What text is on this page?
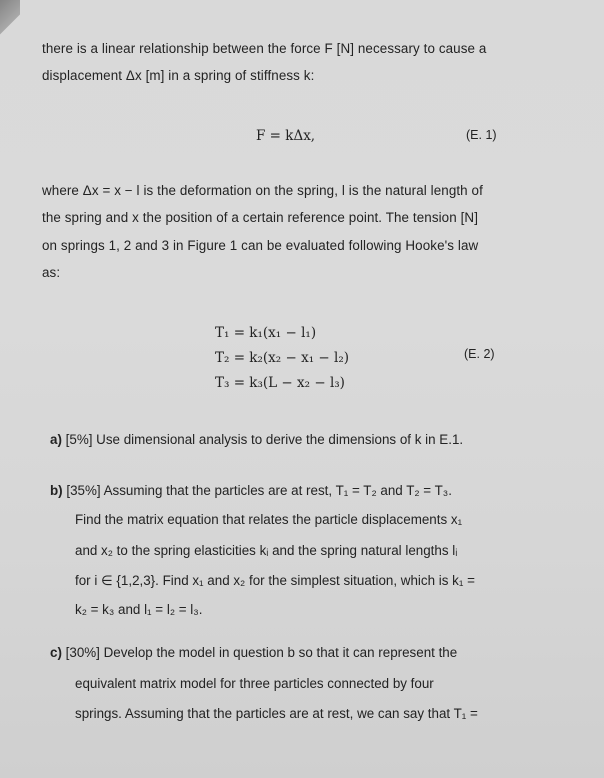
there is a linear relationship between the force F [N] necessary to cause a
displacement Δx [m] in a spring of stiffness k:
F = kΔx,	(E. 1)
where Δx = x − l is the deformation on the spring, l is the natural length of
the spring and x the position of a certain reference point. The tension [N]
on springs 1, 2 and 3 in Figure 1 can be evaluated following Hooke's law
as:
T₁ = k₁(x₁ − l₁)
T₂ = k₂(x₂ − x₁ − l₂)
T₃ = k₃(L − x₂ − l₃)
(E. 2)
a) [5%] Use dimensional analysis to derive the dimensions of k in E.1.
b) [35%] Assuming that the particles are at rest, T₁ = T₂ and T₂ = T₃.
Find the matrix equation that relates the particle displacements x₁
and x₂ to the spring elasticities kᵢ and the spring natural lengths lᵢ
for i ∈ {1,2,3}. Find x₁ and x₂ for the simplest situation, which is k₁ =
k₂ = k₃ and l₁ = l₂ = l₃.
c) [30%] Develop the model in question b so that it can represent the
equivalent matrix model for three particles connected by four
springs. Assuming that the particles are at rest, we can say that T₁ =
